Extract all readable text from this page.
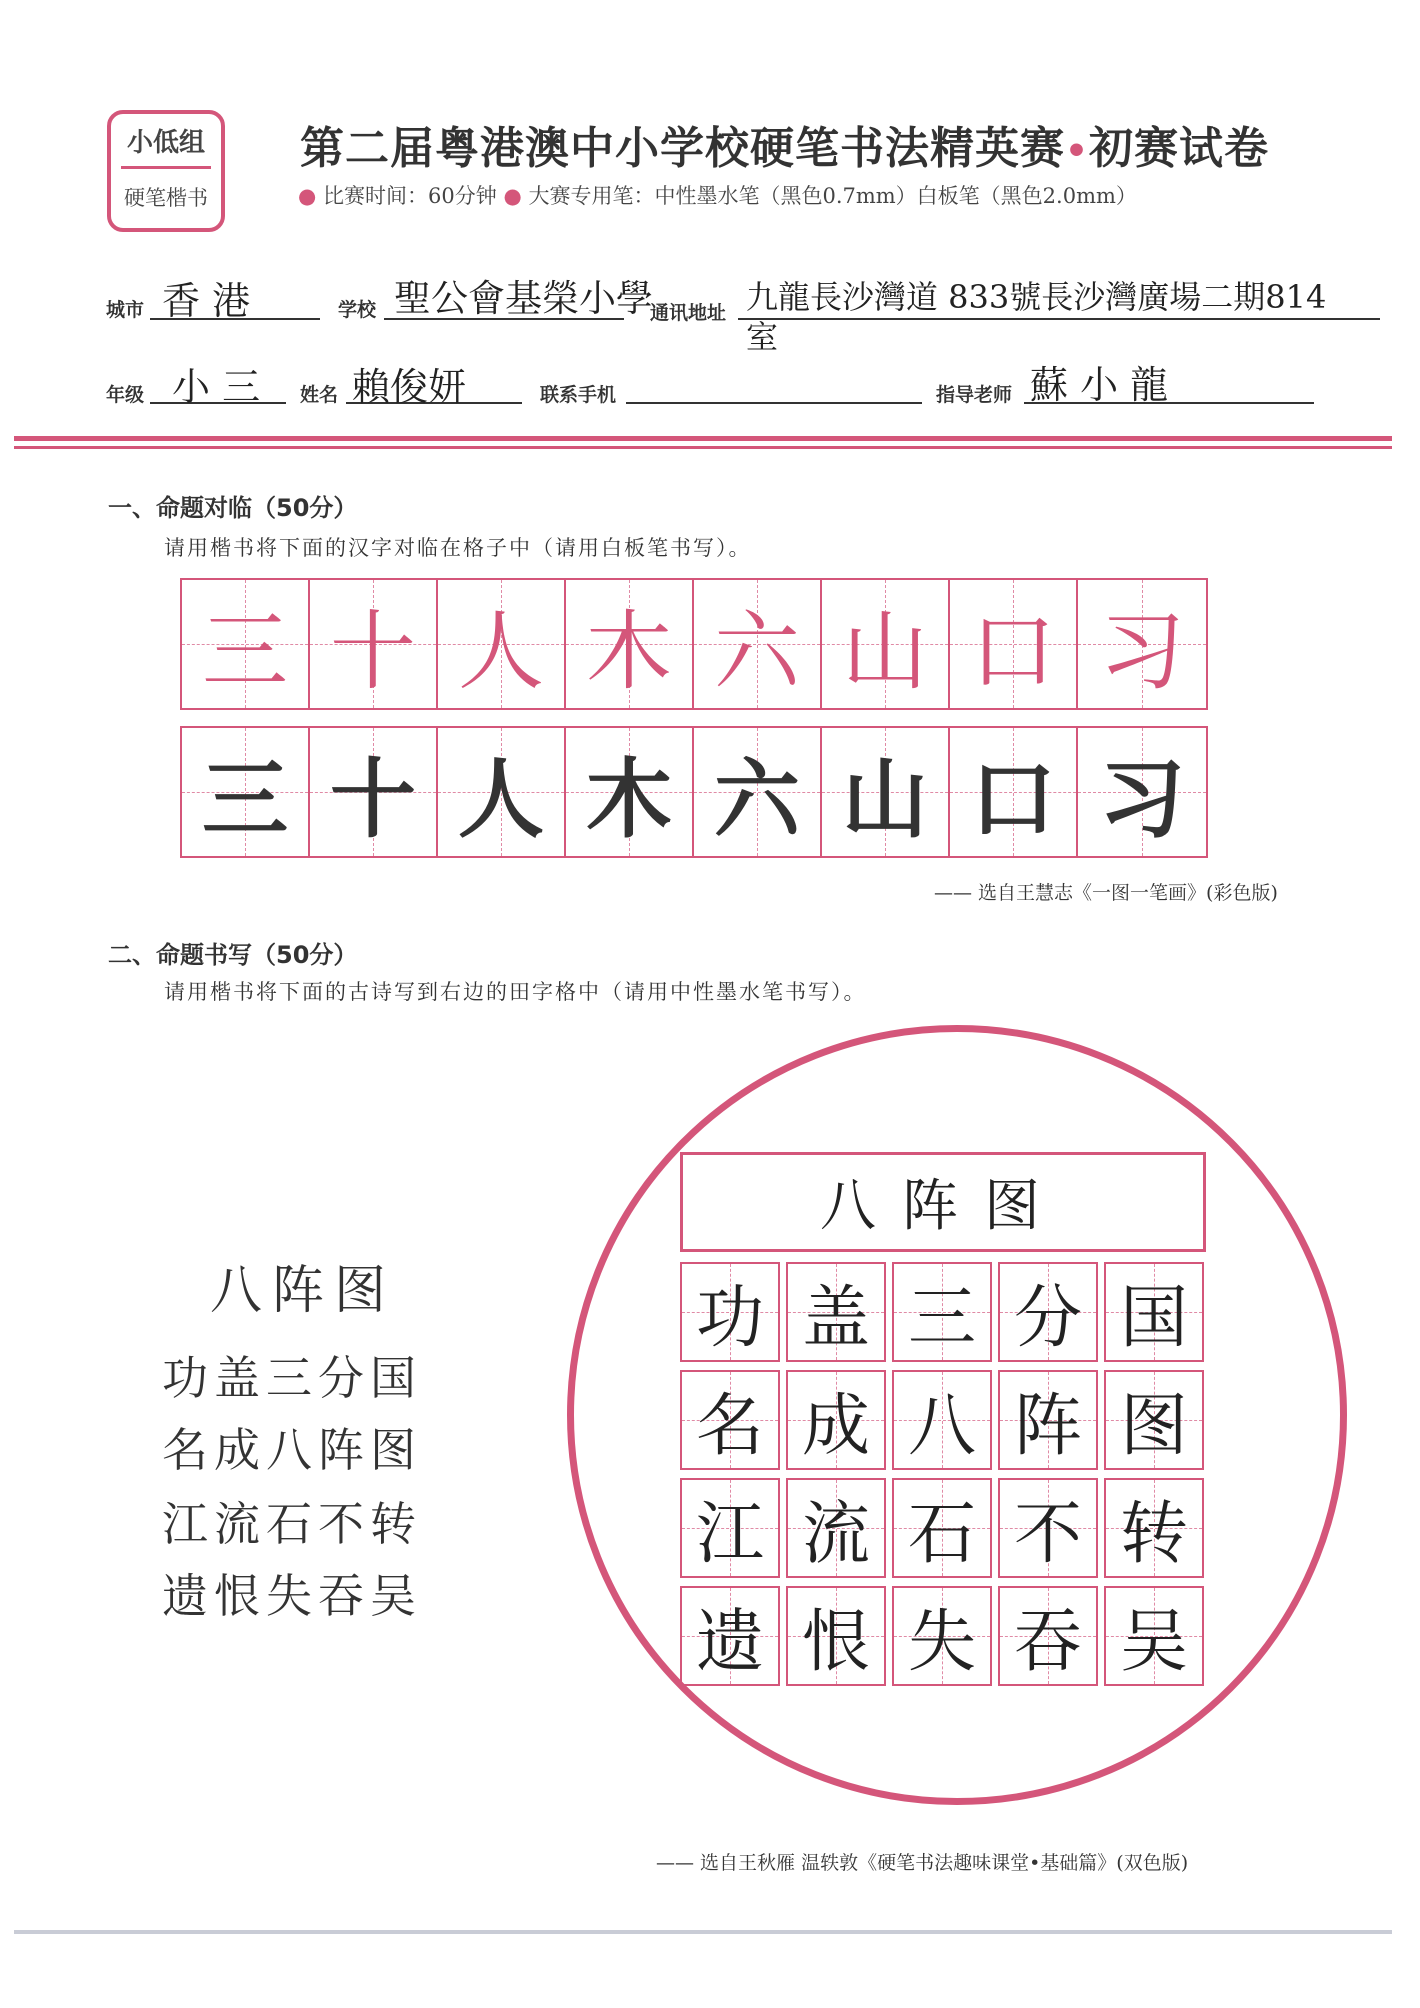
小低组
硬笔楷书
第二届粤港澳中小学校硬笔书法精英赛•初赛试卷
● 比赛时间：60分钟 ● 大赛专用笔：中性墨水笔（黑色0.7mm）白板笔（黑色2.0mm）
城市 香 港	学校 聖公會基榮小學
通讯地址 九龍長沙灣道 833號長沙灣廣場二期814
室
年级 小 三 姓名 賴俊妍	联系手机	指导老师 蘇 小 龍
一、命题对临（50分）
请用楷书将下面的汉字对临在格子中（请用白板笔书写）。
三 十 人 木 六 山 口 习
三 十 人 木 六 山 口 习
—— 选自王慧志《一图一笔画》(彩色版)
二、命题书写（50分）
请用楷书将下面的古诗写到右边的田字格中（请用中性墨水笔书写）。
八阵图
功盖三分国
名成八阵图
江流石不转
遗恨失吞吴
八阵图
功 盖 三 分 国
名 成 八 阵 图
江 流 石 不 转
遗 恨 失 吞 吴
—— 选自王秋雁 温轶敦《硬笔书法趣味课堂•基础篇》(双色版)
